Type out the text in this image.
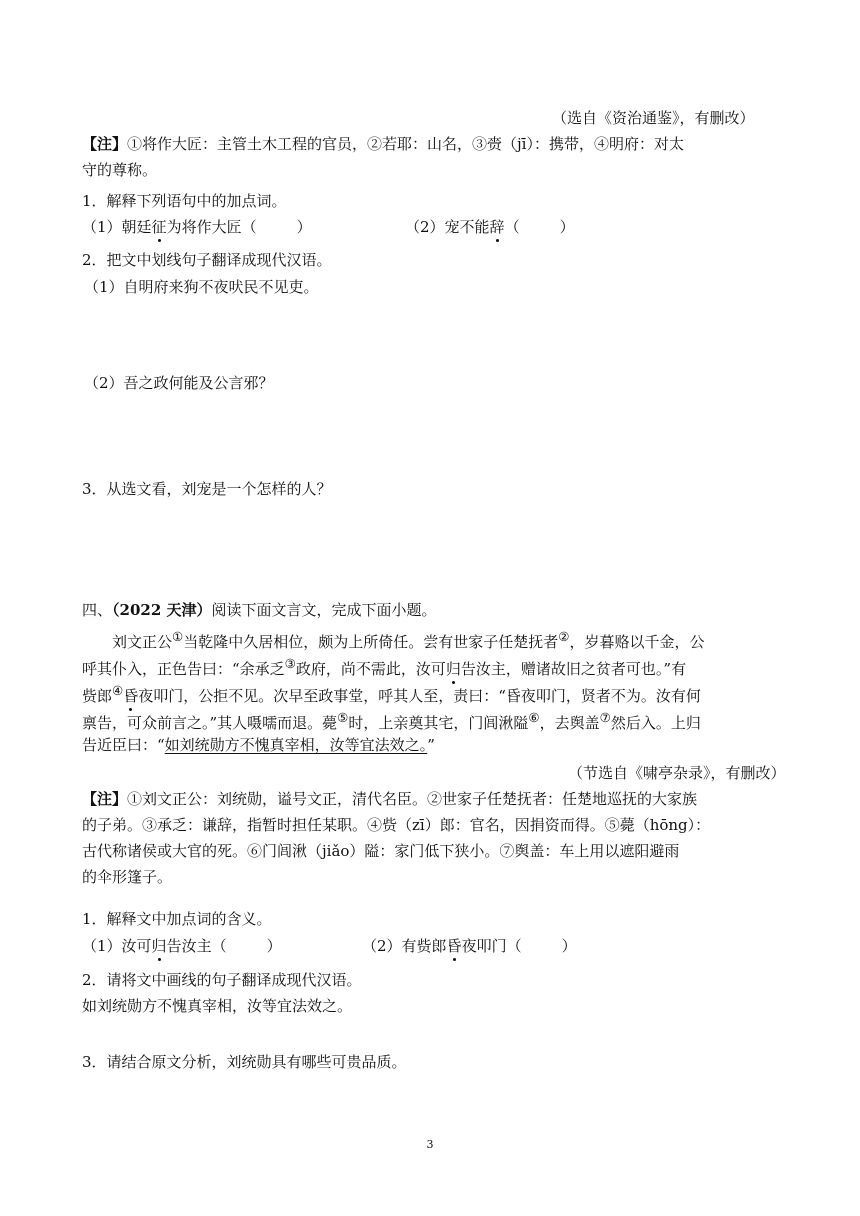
（选自《资治通鉴》，有删改）
【注】①将作大匠：主管土木工程的官员，②若耶：山名，③赍（jī）：携带，④明府：对太
守的尊称。
1．解释下列语句中的加点词。
（1）朝廷征为将作大匠（	）	（2）宠不能辞（	）
2．把文中划线句子翻译成现代汉语。
（1）自明府来狗不夜吠民不见吏。
（2）吾之政何能及公言邪？
3．从选文看，刘宠是一个怎样的人？
四、（2022 天津）阅读下面文言文，完成下面小题。
刘文正公①当乾隆中久居相位，颇为上所倚任。尝有世家子任楚抚者②，岁暮赂以千金，公
呼其仆入，正色告曰：“余承乏③政府，尚不需此，汝可归告汝主，赠诸故旧之贫者可也。”有
赀郎④昏夜叩门，公拒不见。次早至政事堂，呼其人至，责曰：“昏夜叩门，贤者不为。汝有何
禀告，可众前言之。”其人嗫嚅而退。薨⑤时，上亲奠其宅，门闾湫隘⑥，去舆盖⑦然后入。上归
告近臣曰：“如刘统勋方不愧真宰相，汝等宜法效之。”
（节选自《啸亭杂录》，有删改）
【注】①刘文正公：刘统勋，谥号文正，清代名臣。②世家子任楚抚者：任楚地巡抚的大家族
的子弟。③承乏：谦辞，指暂时担任某职。④赀（zī）郎：官名，因捐资而得。⑤薨（hōng）：
古代称诸侯或大官的死。⑥门闾湫（jiǎo）隘：家门低下狭小。⑦舆盖：车上用以遮阳避雨
的伞形篷子。
1．解释文中加点词的含义。
（1）汝可归告汝主（	）	（2）有赀郎昏夜叩门（	）
2．请将文中画线的句子翻译成现代汉语。
如刘统勋方不愧真宰相，汝等宜法效之。
3．请结合原文分析，刘统勋具有哪些可贵品质。
3
